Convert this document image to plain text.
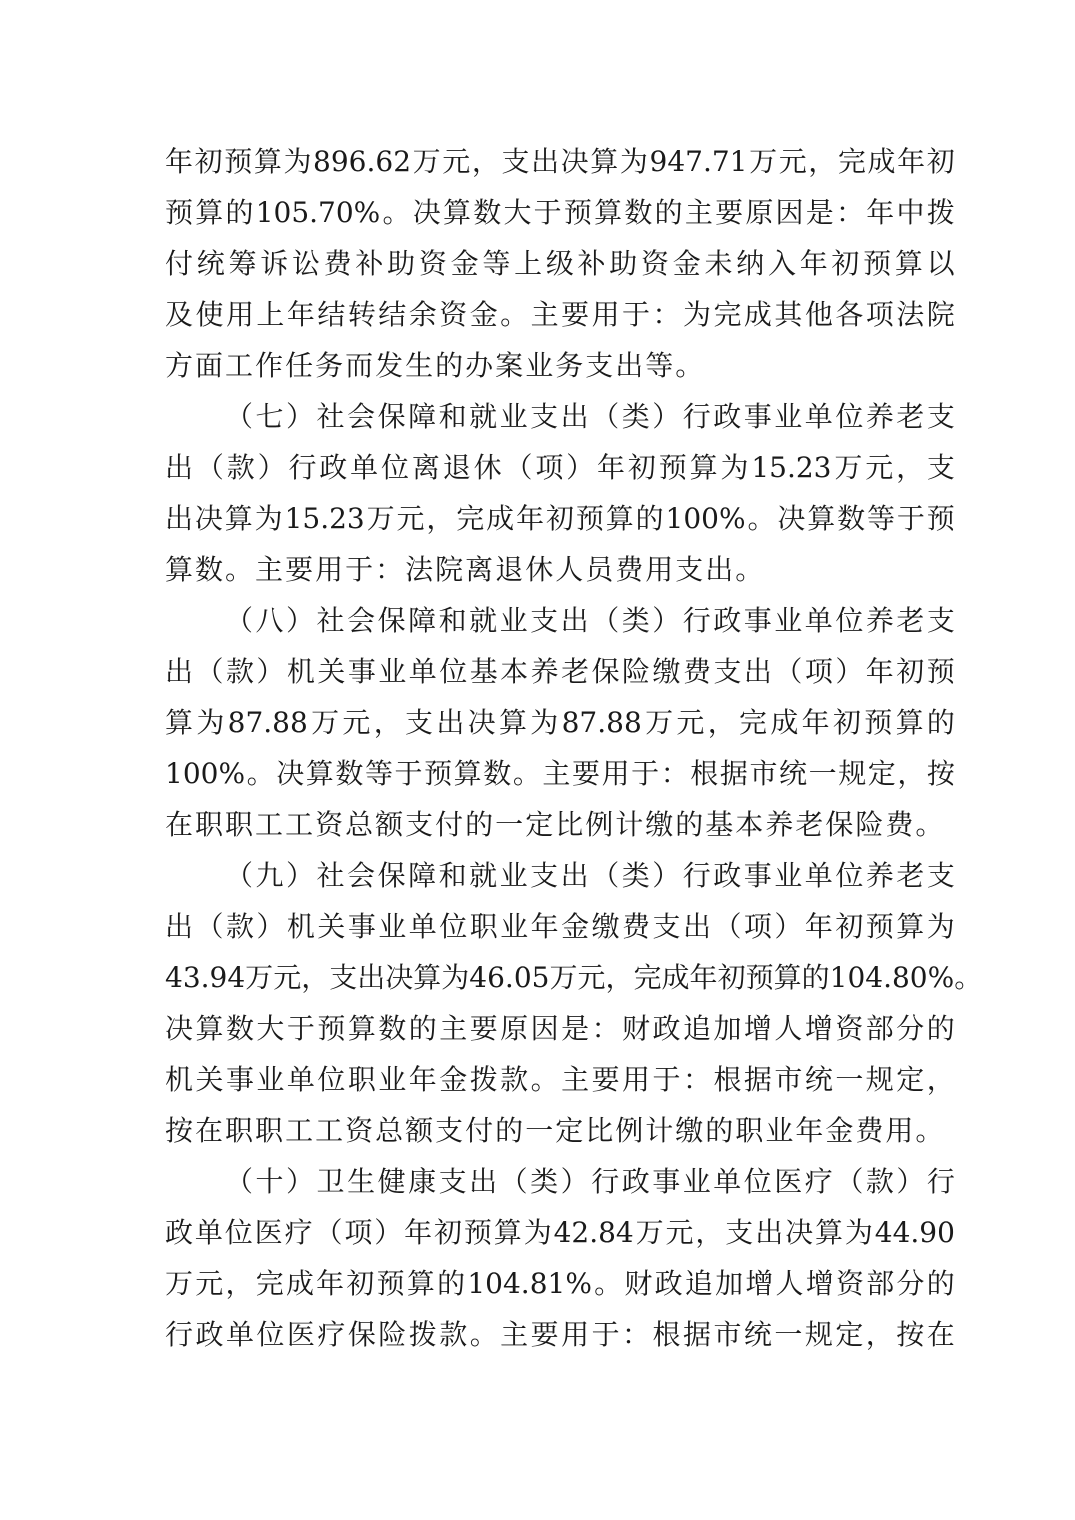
年 初 预 算 为 896.62 万 元 ， 支 出 决 算 为 947.71 万 元 ， 完 成 年 初
预 算 的 105.70% 。 决 算 数 大 于 预 算 数 的 主 要 原 因 是 ： 年 中 拨
付 统 筹 诉 讼 费 补 助 资 金 等 上 级 补 助 资 金 未 纳 入 年 初 预 算 以
及 使 用 上 年 结 转 结 余 资 金 。 主 要 用 于 ： 为 完 成 其 他 各 项 法 院
方 面 工 作 任 务 而 发 生 的 办 案 业 务 支 出 等 。
（ 七 ） 社 会 保 障 和 就 业 支 出 （ 类 ） 行 政 事 业 单 位 养 老 支
出 （ 款 ） 行 政 单 位 离 退 休 （ 项 ） 年 初 预 算 为 15.23 万 元 ， 支
出 决 算 为 15.23 万 元 ， 完 成 年 初 预 算 的 100% 。 决 算 数 等 于 预
算 数 。 主 要 用 于 ： 法 院 离 退 休 人 员 费 用 支 出 。
（ 八 ） 社 会 保 障 和 就 业 支 出 （ 类 ） 行 政 事 业 单 位 养 老 支
出 （ 款 ） 机 关 事 业 单 位 基 本 养 老 保 险 缴 费 支 出 （ 项 ） 年 初 预
算 为 87.88 万 元 ， 支 出 决 算 为 87.88 万 元 ， 完 成 年 初 预 算 的
100% 。 决 算 数 等 于 预 算 数 。 主 要 用 于 ： 根 据 市 统 一 规 定 ， 按
在 职 职 工 工 资 总 额 支 付 的 一 定 比 例 计 缴 的 基 本 养 老 保 险 费 。
（ 九 ） 社 会 保 障 和 就 业 支 出 （ 类 ） 行 政 事 业 单 位 养 老 支
出 （ 款 ） 机 关 事 业 单 位 职 业 年 金 缴 费 支 出 （ 项 ） 年 初 预 算 为
43.94 万 元 ， 支 出 决 算 为 46.05 万 元 ， 完 成 年 初 预 算 的 104.80% 。
决 算 数 大 于 预 算 数 的 主 要 原 因 是 ： 财 政 追 加 增 人 增 资 部 分 的
机 关 事 业 单 位 职 业 年 金 拨 款 。 主 要 用 于 ： 根 据 市 统 一 规 定 ，
按 在 职 职 工 工 资 总 额 支 付 的 一 定 比 例 计 缴 的 职 业 年 金 费 用 。
（ 十 ） 卫 生 健 康 支 出 （ 类 ） 行 政 事 业 单 位 医 疗 （ 款 ） 行
政 单 位 医 疗 （ 项 ） 年 初 预 算 为 42.84 万 元 ， 支 出 决 算 为 44.90
万 元 ， 完 成 年 初 预 算 的 104.81% 。 财 政 追 加 增 人 增 资 部 分 的
行 政 单 位 医 疗 保 险 拨 款 。 主 要 用 于 ： 根 据 市 统 一 规 定 ， 按 在
